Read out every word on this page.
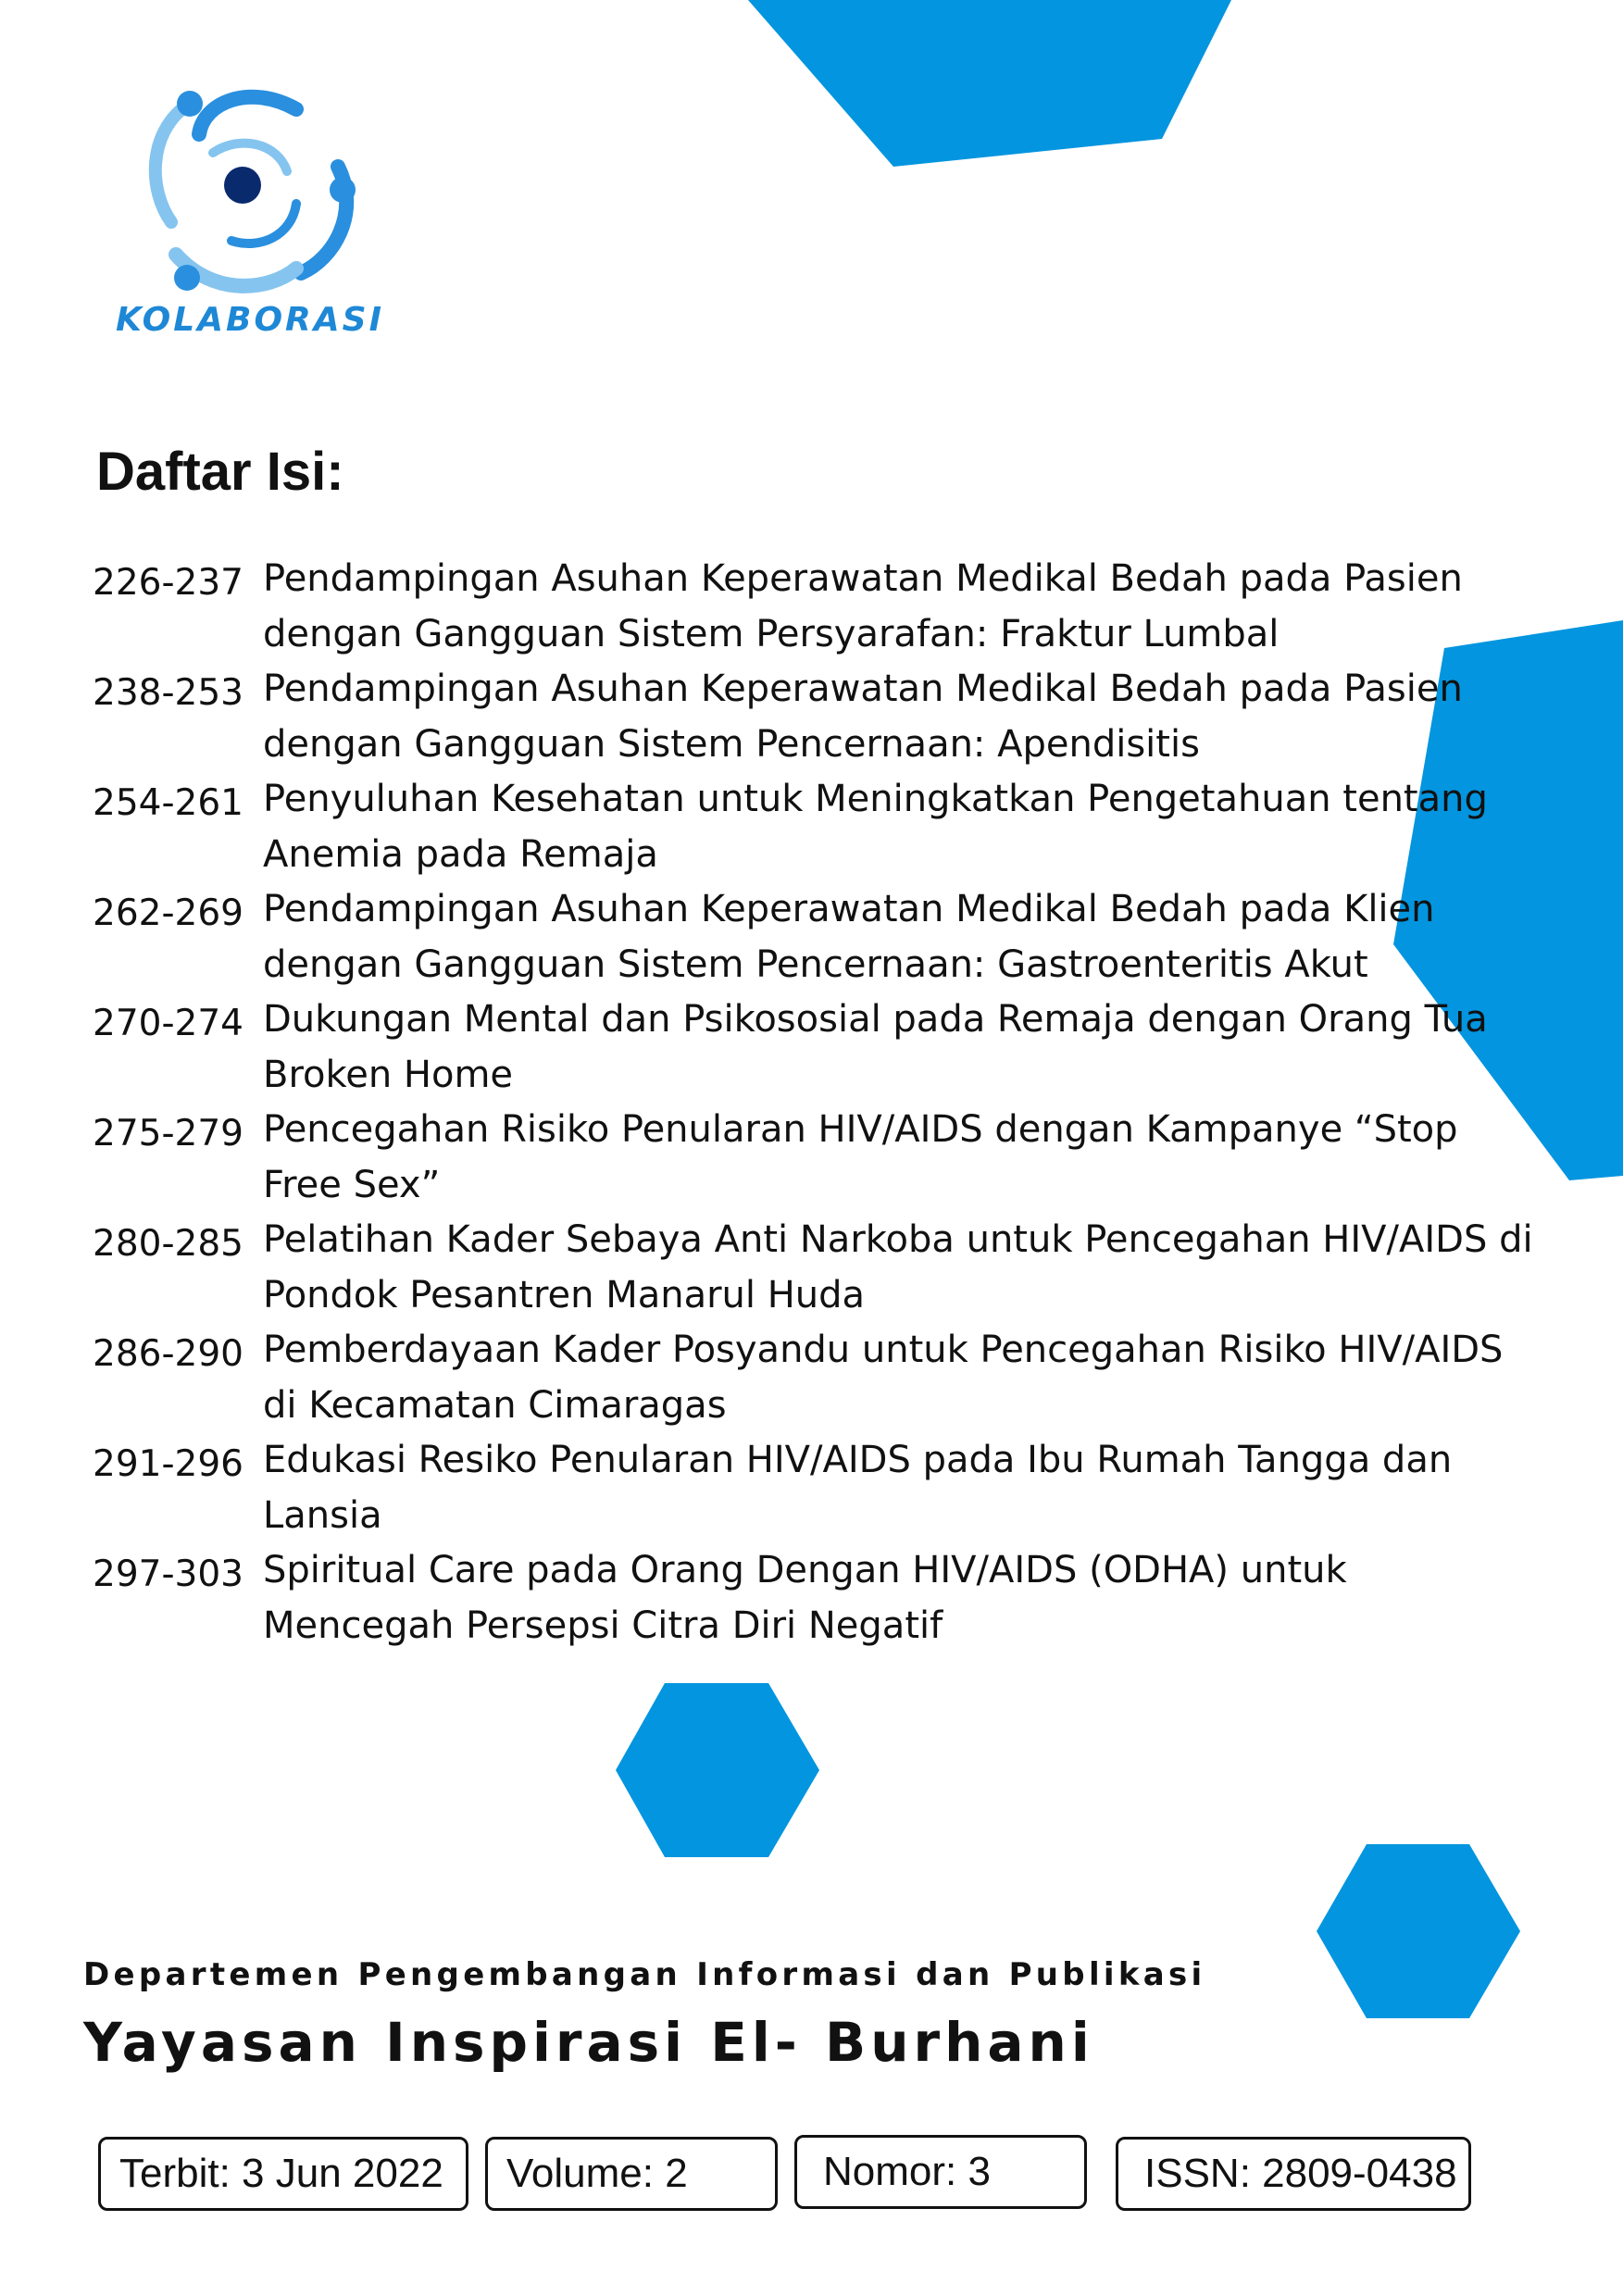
KOLABORASI
Daftar Isi:
226-237 Pendampingan Asuhan Keperawatan Medikal Bedah pada Pasien dengan Gangguan Sistem Persyarafan: Fraktur Lumbal
238-253 Pendampingan Asuhan Keperawatan Medikal Bedah pada Pasien dengan Gangguan Sistem Pencernaan: Apendisitis
254-261 Penyuluhan Kesehatan untuk Meningkatkan Pengetahuan tentang Anemia pada Remaja
262-269 Pendampingan Asuhan Keperawatan Medikal Bedah pada Klien dengan Gangguan Sistem Pencernaan: Gastroenteritis Akut
270-274 Dukungan Mental dan Psikososial pada Remaja dengan Orang Tua Broken Home
275-279 Pencegahan Risiko Penularan HIV/AIDS dengan Kampanye “Stop Free Sex”
280-285 Pelatihan Kader Sebaya Anti Narkoba untuk Pencegahan HIV/AIDS di Pondok Pesantren Manarul Huda
286-290 Pemberdayaan Kader Posyandu untuk Pencegahan Risiko HIV/AIDS di Kecamatan Cimaragas
291-296 Edukasi Resiko Penularan HIV/AIDS pada Ibu Rumah Tangga dan Lansia
297-303 Spiritual Care pada Orang Dengan HIV/AIDS (ODHA) untuk Mencegah Persepsi Citra Diri Negatif
Departemen Pengembangan Informasi dan Publikasi
Yayasan Inspirasi El- Burhani
Terbit: 3 Jun 2022 Volume: 2	Nomor: 3	ISSN: 2809-0438
